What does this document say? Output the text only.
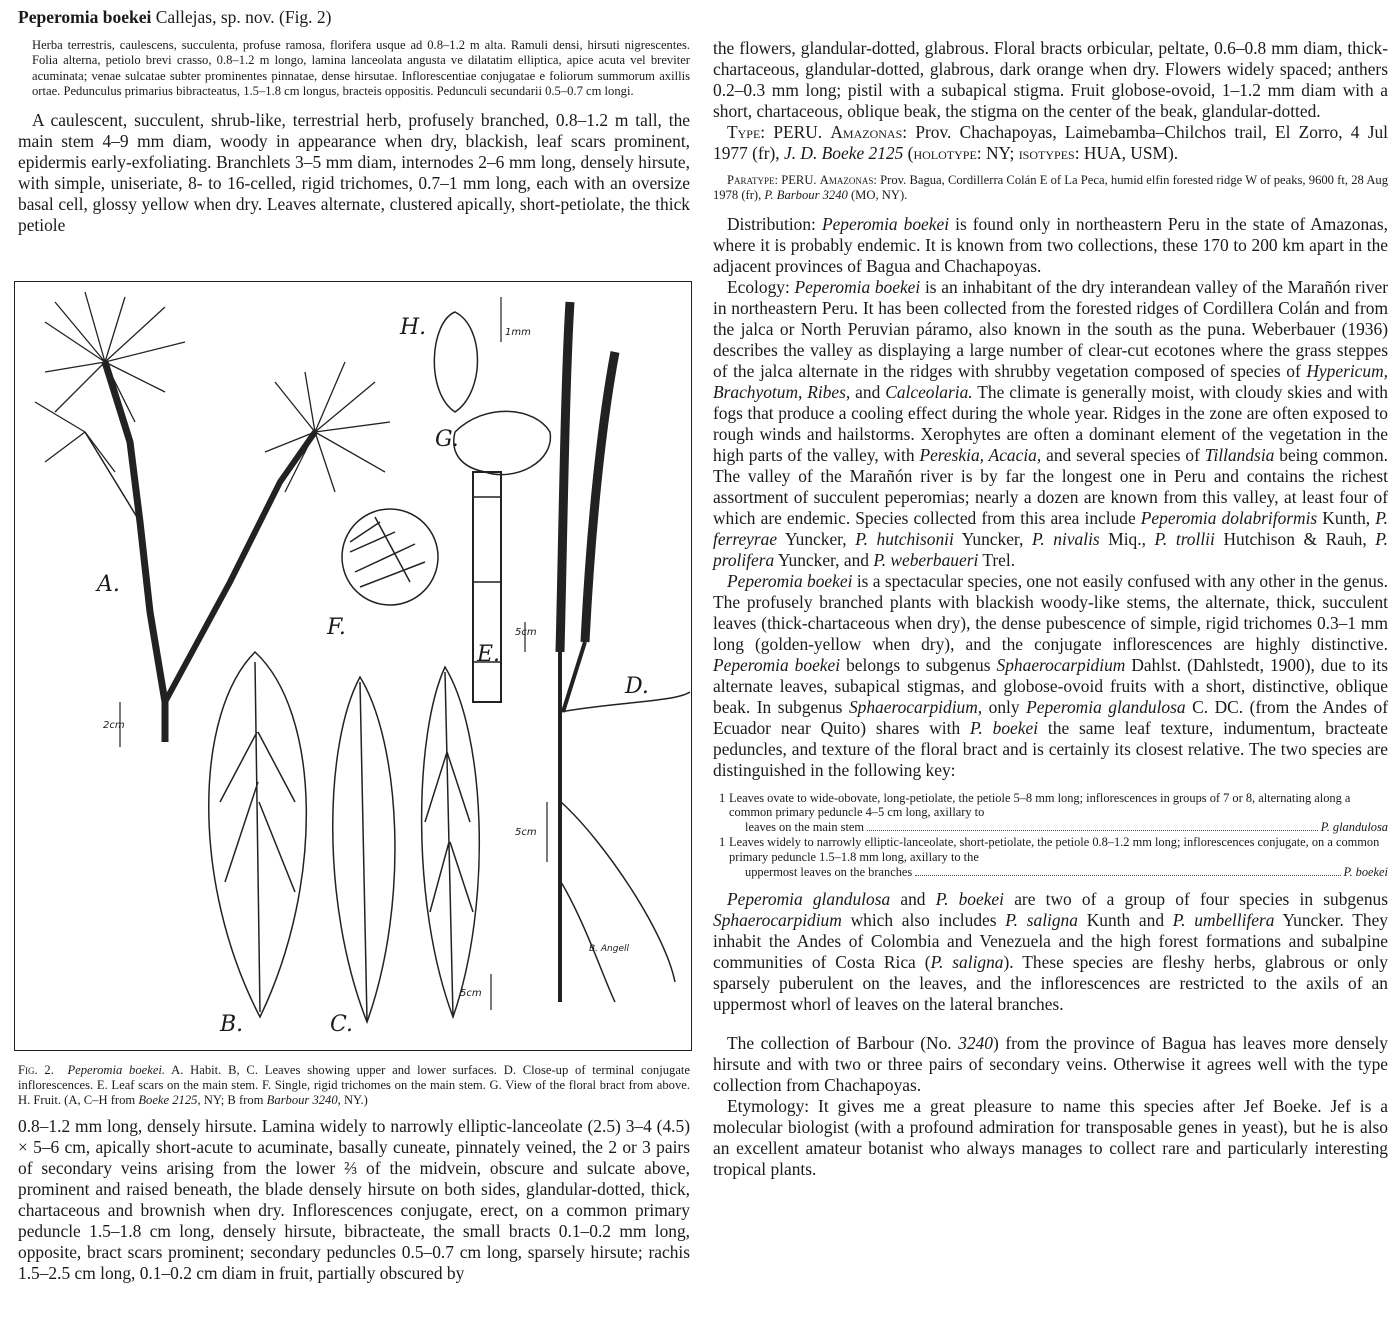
Peperomia boekei Callejas, sp. nov. (Fig. 2)

Herba terrestris, caulescens, succulenta, profuse ramosa, florifera usque ad 0.8–1.2 m alta. Ramuli densi, hirsuti nigrescentes. Folia alterna, petiolo brevi crasso, 0.8–1.2 m longo, lamina lanceolata angusta ve dilatatim elliptica, apice acuta vel breviter acuminata; venae sulcatae subter prominentes pinnatae, dense hirsutae. Inflorescentiae conjugatae e foliorum summorum axillis ortae. Pedunculus primarius bibracteatus, 1.5–1.8 cm longus, bracteis oppositis. Pedunculi secundarii 0.5–0.7 cm longi.

A caulescent, succulent, shrub-like, terrestrial herb, profusely branched, 0.8–1.2 m tall, the main stem 4–9 mm diam, woody in appearance when dry, blackish, leaf scars prominent, epidermis early-exfoliating. Branchlets 3–5 mm diam, internodes 2–6 mm long, densely hirsute, with simple, uniseriate, 8- to 16-celled, rigid trichomes, 0.7–1 mm long, each with an oversize basal cell, glossy yellow when dry. Leaves alternate, clustered apically, short-petiolate, the thick petiole

A.
B.	C.
D.
E.
F.
G.
H.	1mm
5cm
2cm
5cm
5cm
B. Angell

Fig. 2. Peperomia boekei. A. Habit. B, C. Leaves showing upper and lower surfaces. D. Close-up of terminal conjugate inflorescences. E. Leaf scars on the main stem. F. Single, rigid trichomes on the main stem. G. View of the floral bract from above. H. Fruit. (A, C–H from Boeke 2125, NY; B from Barbour 3240, NY.)

0.8–1.2 mm long, densely hirsute. Lamina widely to narrowly elliptic-lanceolate (2.5) 3–4 (4.5) × 5–6 cm, apically short-acute to acuminate, basally cuneate, pinnately veined, the 2 or 3 pairs of secondary veins arising from the lower ⅔ of the midvein, obscure and sulcate above, prominent and raised beneath, the blade densely hirsute on both sides, glandular-dotted, thick, chartaceous and brownish when dry. Inflorescences conjugate, erect, on a common primary peduncle 1.5–1.8 cm long, densely hirsute, bibracteate, the small bracts 0.1–0.2 mm long, opposite, bract scars prominent; secondary peduncles 0.5–0.7 cm long, sparsely hirsute; rachis 1.5–2.5 cm long, 0.1–0.2 cm diam in fruit, partially obscured by

the flowers, glandular-dotted, glabrous. Floral bracts orbicular, peltate, 0.6–0.8 mm diam, thick-chartaceous, glandular-dotted, glabrous, dark orange when dry. Flowers widely spaced; anthers 0.2–0.3 mm long; pistil with a subapical stigma. Fruit globose-ovoid, 1–1.2 mm diam with a short, chartaceous, oblique beak, the stigma on the center of the beak, glandular-dotted.

Type: PERU. Amazonas: Prov. Chachapoyas, Laimebamba–Chilchos trail, El Zorro, 4 Jul 1977 (fr), J. D. Boeke 2125 (holotype: NY; isotypes: HUA, USM).

Paratype: PERU. Amazonas: Prov. Bagua, Cordillerra Colán E of La Peca, humid elfin forested ridge W of peaks, 9600 ft, 28 Aug 1978 (fr), P. Barbour 3240 (MO, NY).

Distribution: Peperomia boekei is found only in northeastern Peru in the state of Amazonas, where it is probably endemic. It is known from two collections, these 170 to 200 km apart in the adjacent provinces of Bagua and Chachapoyas.

Ecology: Peperomia boekei is an inhabitant of the dry interandean valley of the Marañón river in northeastern Peru. It has been collected from the forested ridges of Cordillera Colán and from the jalca or North Peruvian páramo, also known in the south as the puna. Weberbauer (1936) describes the valley as displaying a large number of clear-cut ecotones where the grass steppes of the jalca alternate in the ridges with shrubby vegetation composed of species of Hypericum, Brachyotum, Ribes, and Calceolaria. The climate is generally moist, with cloudy skies and with fogs that produce a cooling effect during the whole year. Ridges in the zone are often exposed to rough winds and hailstorms. Xerophytes are often a dominant element of the vegetation in the high parts of the valley, with Pereskia, Acacia, and several species of Tillandsia being common. The valley of the Marañón river is by far the longest one in Peru and contains the richest assortment of succulent peperomias; nearly a dozen are known from this valley, at least four of which are endemic. Species collected from this area include Peperomia dolabriformis Kunth, P. ferreyrae Yuncker, P. hutchisonii Yuncker, P. nivalis Miq., P. trollii Hutchison & Rauh, P. prolifera Yuncker, and P. weberbaueri Trel.

Peperomia boekei is a spectacular species, one not easily confused with any other in the genus. The profusely branched plants with blackish woody-like stems, the alternate, thick, succulent leaves (thick-chartaceous when dry), the dense pubescence of simple, rigid trichomes 0.3–1 mm long (golden-yellow when dry), and the conjugate inflorescences are highly distinctive. Peperomia boekei belongs to subgenus Sphaerocarpidium Dahlst. (Dahlstedt, 1900), due to its alternate leaves, subapical stigmas, and globose-ovoid fruits with a short, distinctive, oblique beak. In subgenus Sphaerocarpidium, only Peperomia glandulosa C. DC. (from the Andes of Ecuador near Quito) shares with P. boekei the same leaf texture, indumentum, bracteate peduncles, and texture of the floral bract and is certainly its closest relative. The two species are distinguished in the following key:

1 Leaves ovate to wide-obovate, long-petiolate, the petiole 5–8 mm long; inflorescences in groups of 7 or 8, alternating along a common primary peduncle 4–5 cm long, axillary to
leaves on the main stem	P. glandulosa
1 Leaves widely to narrowly elliptic-lanceolate, short-petiolate, the petiole 0.8–1.2 mm long; inflorescences conjugate, on a common primary peduncle 1.5–1.8 mm long, axillary to the
uppermost leaves on the branches	P. boekei

Peperomia glandulosa and P. boekei are two of a group of four species in subgenus Sphaerocarpidium which also includes P. saligna Kunth and P. umbellifera Yuncker. They inhabit the Andes of Colombia and Venezuela and the high forest formations and subalpine communities of Costa Rica (P. saligna). These species are fleshy herbs, glabrous or only sparsely puberulent on the leaves, and the inflorescences are restricted to the axils of an uppermost whorl of leaves on the lateral branches.

The collection of Barbour (No. 3240) from the province of Bagua has leaves more densely hirsute and with two or three pairs of secondary veins. Otherwise it agrees well with the type collection from Chachapoyas.

Etymology: It gives me a great pleasure to name this species after Jef Boeke. Jef is a molecular biologist (with a profound admiration for transposable genes in yeast), but he is also an excellent amateur botanist who always manages to collect rare and particularly interesting tropical plants.
